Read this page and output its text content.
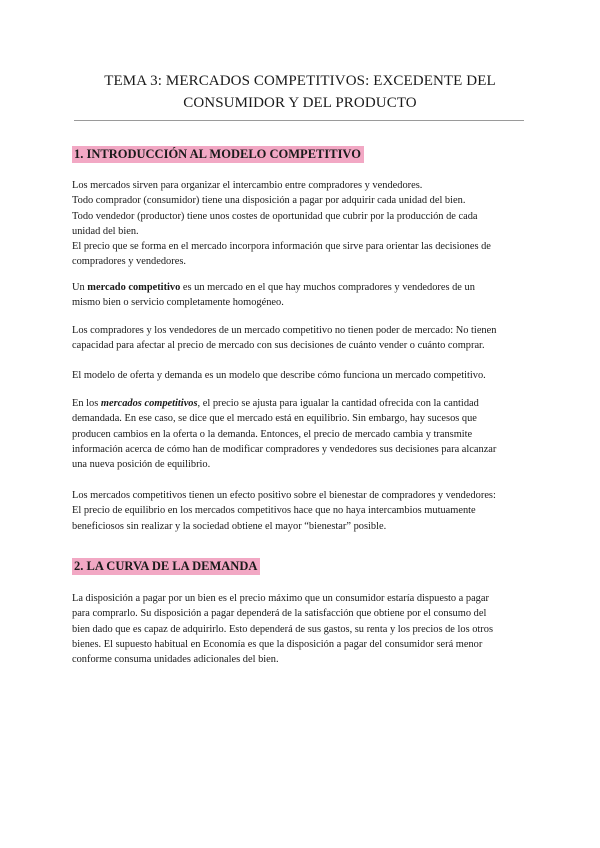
TEMA 3: MERCADOS COMPETITIVOS: EXCEDENTE DEL
CONSUMIDOR Y DEL PRODUCTO
1. INTRODUCCIÓN AL MODELO COMPETITIVO

Los mercados sirven para organizar el intercambio entre compradores y vendedores.
Todo comprador (consumidor) tiene una disposición a pagar por adquirir cada unidad del bien.
Todo vendedor (productor) tiene unos costes de oportunidad que cubrir por la producción de cada
unidad del bien.
El precio que se forma en el mercado incorpora información que sirve para orientar las decisiones de
compradores y vendedores.

Un mercado competitivo es un mercado en el que hay muchos compradores y vendedores de un
mismo bien o servicio completamente homogéneo.

Los compradores y los vendedores de un mercado competitivo no tienen poder de mercado: No tienen
capacidad para afectar al precio de mercado con sus decisiones de cuánto vender o cuánto comprar.

El modelo de oferta y demanda es un modelo que describe cómo funciona un mercado competitivo.

En los mercados competitivos, el precio se ajusta para igualar la cantidad ofrecida con la cantidad
demandada. En ese caso, se dice que el mercado está en equilibrio. Sin embargo, hay sucesos que
producen cambios en la oferta o la demanda. Entonces, el precio de mercado cambia y transmite
información acerca de cómo han de modificar compradores y vendedores sus decisiones para alcanzar
una nueva posición de equilibrio.

Los mercados competitivos tienen un efecto positivo sobre el bienestar de compradores y vendedores:
El precio de equilibrio en los mercados competitivos hace que no haya intercambios mutuamente
beneficiosos sin realizar y la sociedad obtiene el mayor “bienestar” posible.

2. LA CURVA DE LA DEMANDA

La disposición a pagar por un bien es el precio máximo que un consumidor estaría dispuesto a pagar
para comprarlo. Su disposición a pagar dependerá de la satisfacción que obtiene por el consumo del
bien dado que es capaz de adquirirlo. Esto dependerá de sus gastos, su renta y los precios de los otros
bienes. El supuesto habitual en Economía es que la disposición a pagar del consumidor será menor
conforme consuma unidades adicionales del bien.
